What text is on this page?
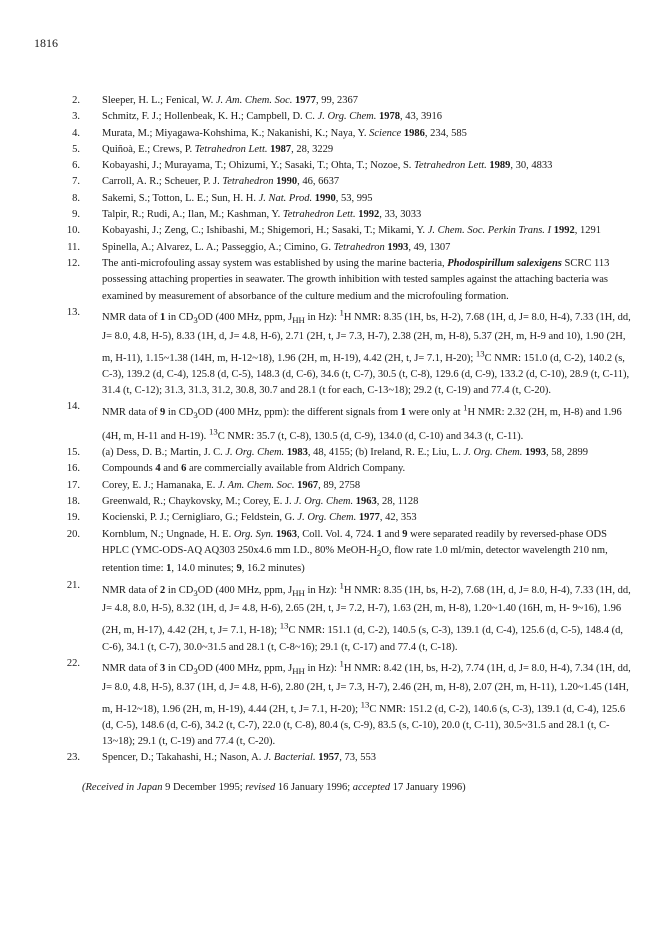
1816
2 . Sleeper, H. L.; Fenical, W. J. Am. Chem. Soc. 1977, 99, 2367
3 . Schmitz, F. J.; Hollenbeak, K. H.; Campbell, D. C. J. Org. Chem. 1978, 43, 3916
4 . Murata, M.; Miyagawa-Kohshima, K.; Nakanishi, K.; Naya, Y. Science 1986, 234, 585
5 . Quiñoà, E.; Crews, P. Tetrahedron Lett. 1987, 28, 3229
6 . Kobayashi, J.; Murayama, T.; Ohizumi, Y.; Sasaki, T.; Ohta, T.; Nozoe, S. Tetrahedron Lett. 1989, 30, 4833
7 . Carroll, A. R.; Scheuer, P. J. Tetrahedron 1990, 46, 6637
8 . Sakemi, S.; Totton, L. E.; Sun, H. H. J. Nat. Prod. 1990, 53, 995
9 . Talpir, R.; Rudi, A.; Ilan, M.; Kashman, Y. Tetrahedron Lett. 1992, 33, 3033
10 . Kobayashi, J.; Zeng, C.; Ishibashi, M.; Shigemori, H.; Sasaki, T.; Mikami, Y. J. Chem. Soc. Perkin Trans. I 1992, 1291
11 . Spinella, A.; Alvarez, L. A.; Passeggio, A.; Cimino, G. Tetrahedron 1993, 49, 1307
12 . The anti-microfouling assay system was established by using the marine bacteria, Phodospirillum salexigens SCRC 113 possessing attaching properties in seawater. The growth inhibition with tested samples against the attaching bacteria was examined by measurement of absorbance of the culture medium and the microfouling formation.
13 . NMR data of 1 in $CD_3OD$ (400 MHz, ppm, $J_{HH}$ in Hz): $^1$H NMR: 8.35 (1H, bs, H-2), 7.68 (1H, d, J= 8.0, H-4), 7.33 (1H, dd, J= 8.0, 4.8, H-5), 8.33 (1H, d, J= 4.8, H-6), 2.71 (2H, t, J= 7.3, H-7), 2.38 (2H, m, H-8), 5.37 (2H, m, H-9 and 10), 1.90 (2H, m, H-11), 1.15~1.38 (14H, m, H-12~18), 1.96 (2H, m, H-19), 4.42 (2H, t, J= 7.1, H-20); $^{13}$C NMR: 151.0 (d, C-2), 140.2 (s, C-3), 139.2 (d, C-4), 125.8 (d, C-5), 148.3 (d, C-6), 34.6 (t, C-7), 30.5 (t, C-8), 129.6 (d, C-9), 133.2 (d, C-10), 28.9 (t, C-11), 31.4 (t, C-12); 31.3, 31.3, 31.2, 30.8, 30.7 and 28.1 (t for each, C-13~18); 29.2 (t, C-19) and 77.4 (t, C-20).
14 . NMR data of 9 in $CD_3OD$ (400 MHz, ppm): the different signals from 1 were only at $^1$H NMR: 2.32 (2H, m, H-8) and 1.96 (4H, m, H-11 and H-19). $^{13}$C NMR: 35.7 (t, C-8), 130.5 (d, C-9), 134.0 (d, C-10) and 34.3 (t, C-11).
15 . (a) Dess, D. B.; Martin, J. C. J. Org. Chem. 1983, 48, 4155; (b) Ireland, R. E.; Liu, L. J. Org. Chem. 1993, 58, 2899
16 . Compounds 4 and 6 are commercially available from Aldrich Company.
17 . Corey, E. J.; Hamanaka, E. J. Am. Chem. Soc. 1967, 89, 2758
18 . Greenwald, R.; Chaykovsky, M.; Corey, E. J. J. Org. Chem. 1963, 28, 1128
19 . Kocienski, P. J.; Cernigliaro, G.; Feldstein, G. J. Org. Chem. 1977, 42, 353
20 . Kornblum, N.; Ungnade, H. E. Org. Syn. 1963, Coll. Vol. 4, 724. 1 and 9 were separated readily by reversed-phase ODS HPLC (YMC-ODS-AQ AQ303 250x4.6 mm I.D., 80% MeOH-$H_2O$, flow rate 1.0 ml/min, detector wavelength 210 nm, retention time: 1, 14.0 minutes; 9, 16.2 minutes)
21 . NMR data of 2 in $CD_3OD$ (400 MHz, ppm, $J_{HH}$ in Hz): $^1$H NMR: 8.35 (1H, bs, H-2), 7.68 (1H, d, J= 8.0, H-4), 7.33 (1H, dd, J= 4.8, 8.0, H-5), 8.32 (1H, d, J= 4.8, H-6), 2.65 (2H, t, J= 7.2, H-7), 1.63 (2H, m, H-8), 1.20~1.40 (16H, m, H- 9~16), 1.96 (2H, m, H-17), 4.42 (2H, t, J= 7.1, H-18); $^{13}$C NMR: 151.1 (d, C-2), 140.5 (s, C-3), 139.1 (d, C-4), 125.6 (d, C-5), 148.4 (d, C-6), 34.1 (t, C-7), 30.0~31.5 and 28.1 (t, C-8~16); 29.1 (t, C-17) and 77.4 (t, C-18).
22 . NMR data of 3 in $CD_3OD$ (400 MHz, ppm, $J_{HH}$ in Hz): $^1$H NMR: 8.42 (1H, bs, H-2), 7.74 (1H, d, J= 8.0, H-4), 7.34 (1H, dd, J= 8.0, 4.8, H-5), 8.37 (1H, d, J= 4.8, H-6), 2.80 (2H, t, J= 7.3, H-7), 2.46 (2H, m, H-8), 2.07 (2H, m, H-11), 1.20~1.45 (14H, m, H-12~18), 1.96 (2H, m, H-19), 4.44 (2H, t, J= 7.1, H-20); $^{13}$C NMR: 151.2 (d, C-2), 140.6 (s, C-3), 139.1 (d, C-4), 125.6 (d, C-5), 148.6 (d, C-6), 34.2 (t, C-7), 22.0 (t, C-8), 80.4 (s, C-9), 83.5 (s, C-10), 20.0 (t, C-11), 30.5~31.5 and 28.1 (t, C-13~18); 29.1 (t, C-19) and 77.4 (t, C-20).
23 . Spencer, D.; Takahashi, H.; Nason, A. J. Bacterial. 1957, 73, 553
(Received in Japan 9 December 1995; revised 16 January 1996; accepted 17 January 1996)
